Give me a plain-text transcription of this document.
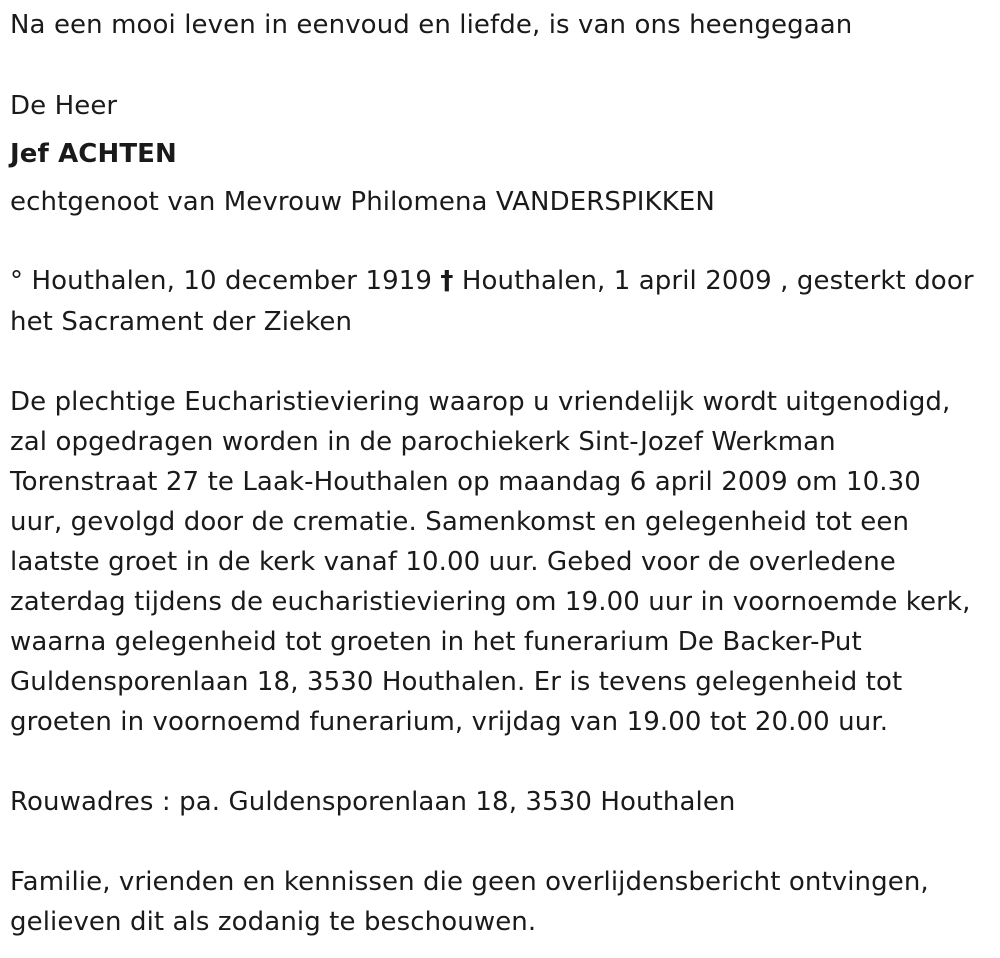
Na een mooi leven in eenvoud en liefde, is van ons heengegaan
De Heer
Jef ACHTEN
echtgenoot van Mevrouw Philomena VANDERSPIKKEN
° Houthalen, 10 december 1919 † Houthalen, 1 april 2009 , gesterkt door
het Sacrament der Zieken
De plechtige Eucharistieviering waarop u vriendelijk wordt uitgenodigd,
zal opgedragen worden in de parochiekerk Sint-Jozef Werkman
Torenstraat 27 te Laak-Houthalen op maandag 6 april 2009 om 10.30
uur, gevolgd door de crematie. Samenkomst en gelegenheid tot een
laatste groet in de kerk vanaf 10.00 uur. Gebed voor de overledene
zaterdag tijdens de eucharistieviering om 19.00 uur in voornoemde kerk,
waarna gelegenheid tot groeten in het funerarium De Backer-Put
Guldensporenlaan 18, 3530 Houthalen. Er is tevens gelegenheid tot
groeten in voornoemd funerarium, vrijdag van 19.00 tot 20.00 uur.
Rouwadres : pa. Guldensporenlaan 18, 3530 Houthalen
Familie, vrienden en kennissen die geen overlijdensbericht ontvingen,
gelieven dit als zodanig te beschouwen.
